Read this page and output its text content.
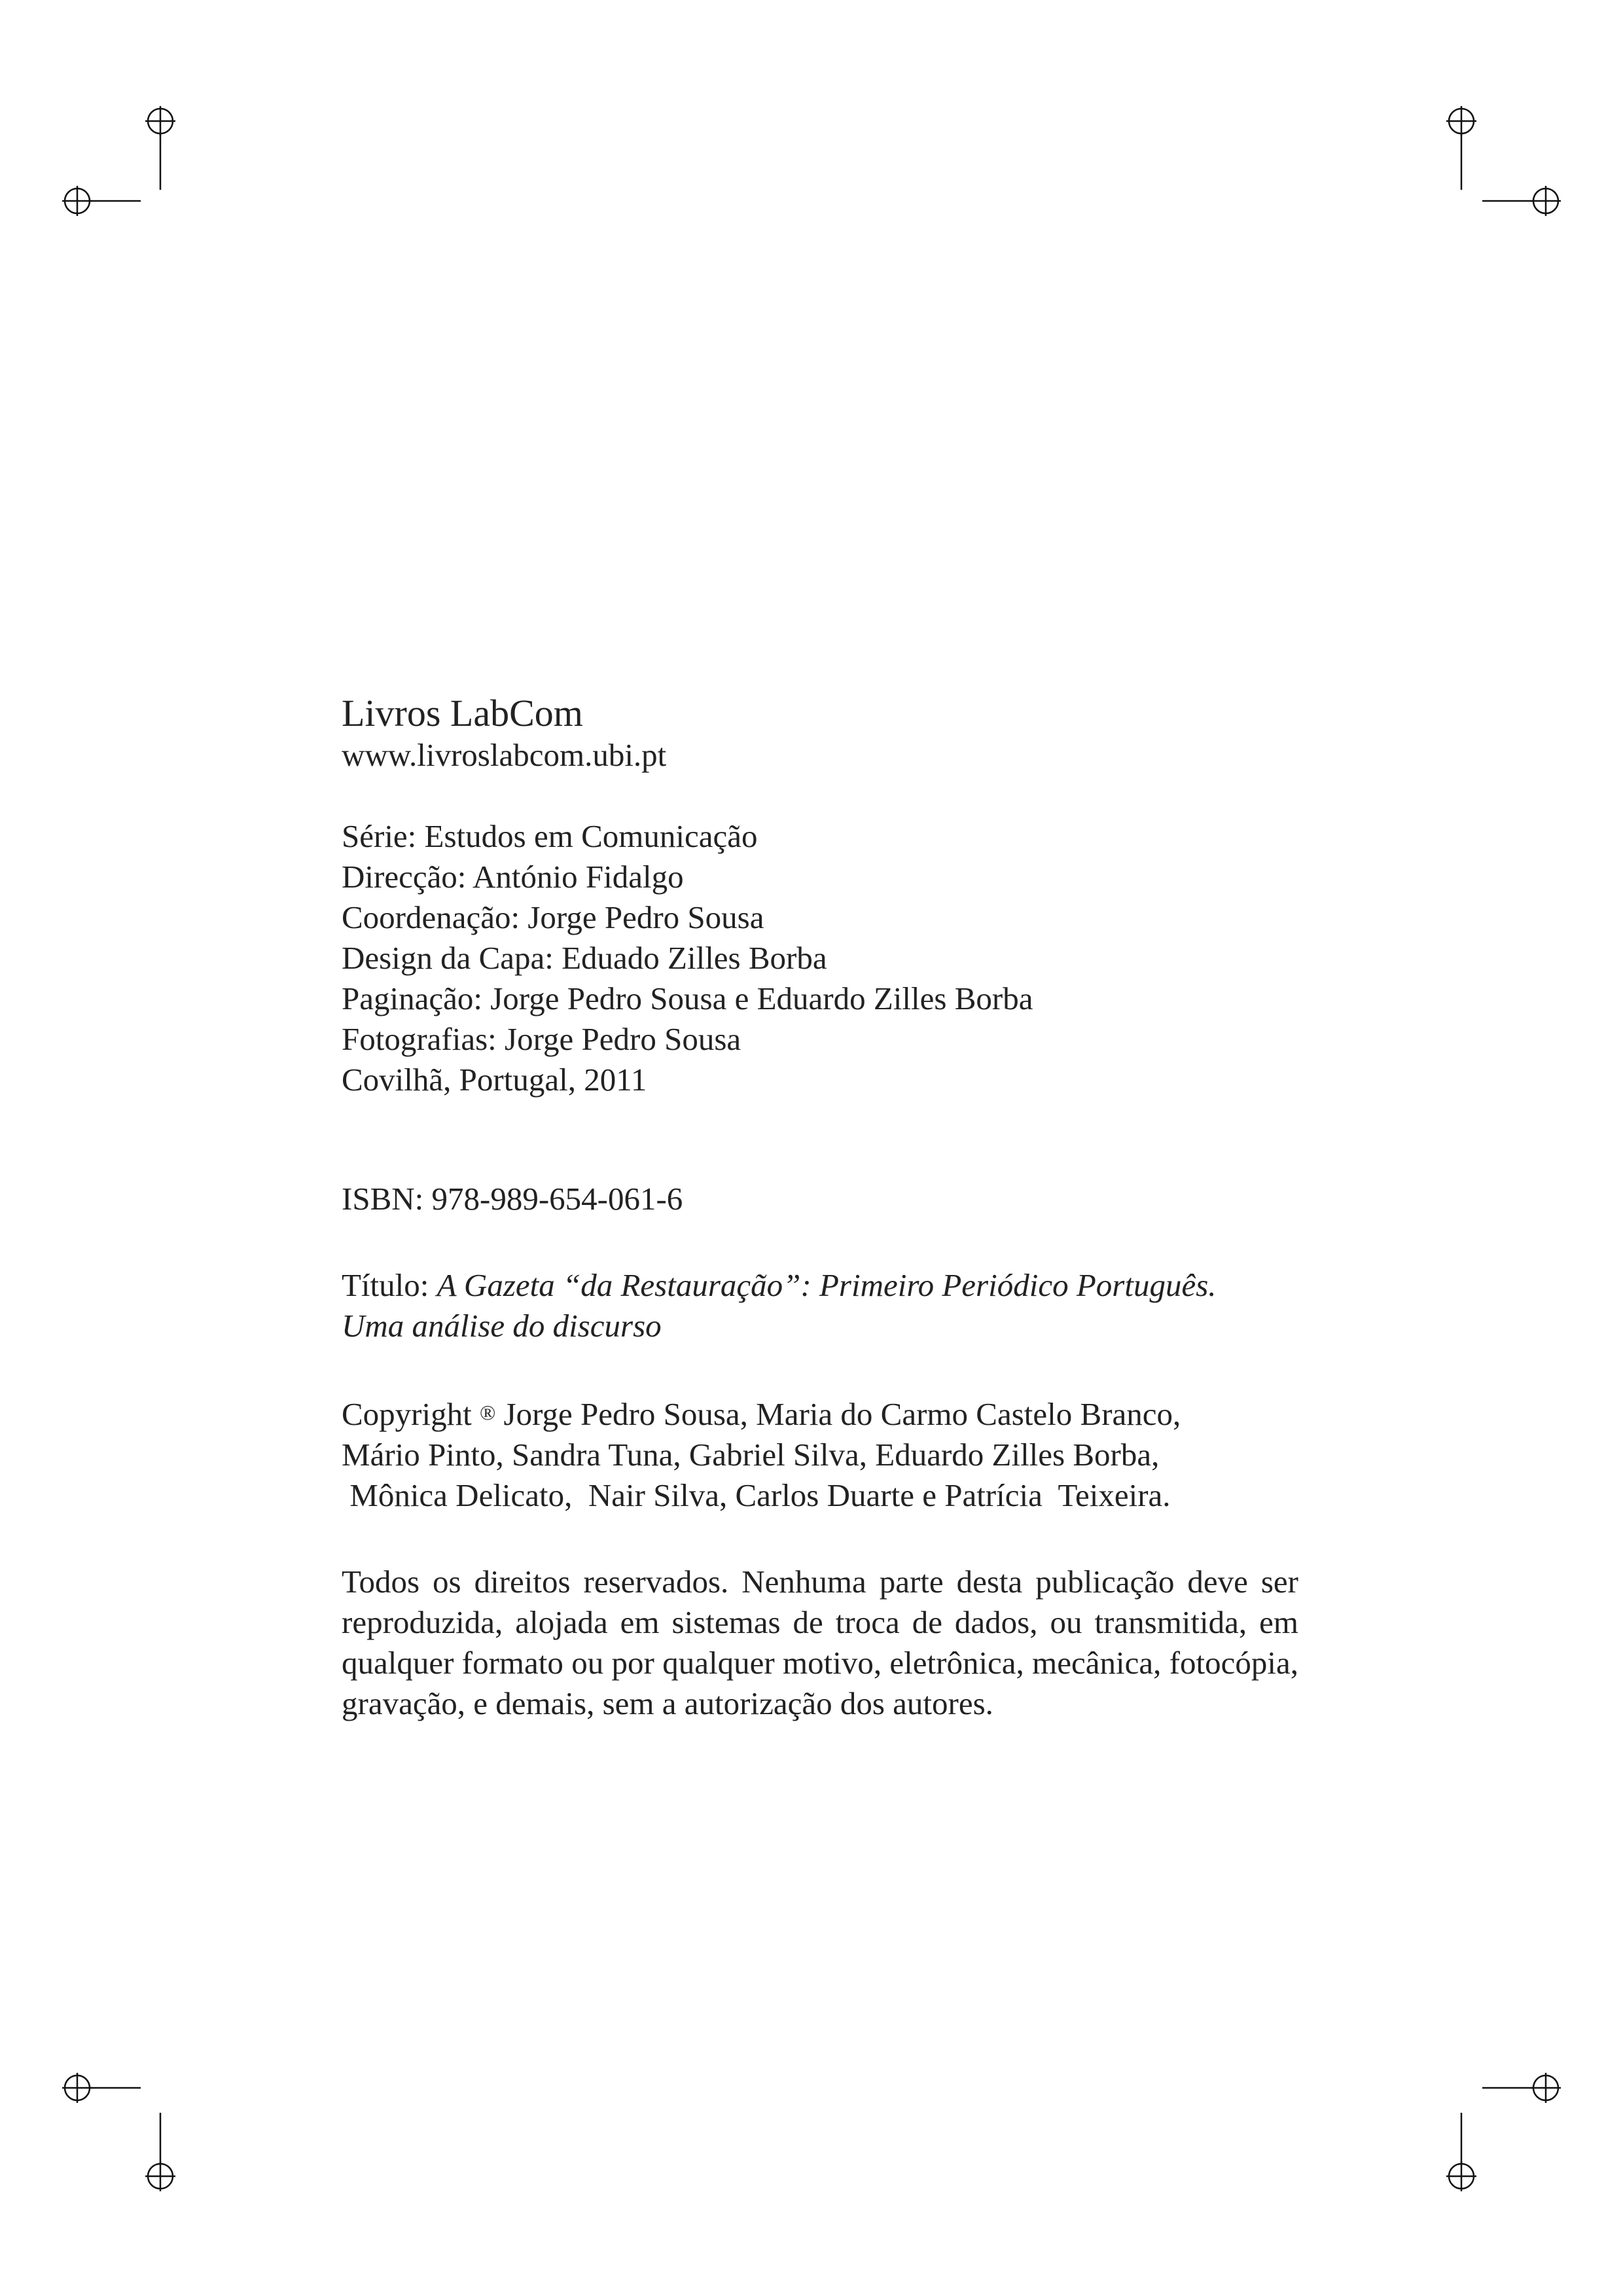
Livros LabCom
www.livroslabcom.ubi.pt
Série: Estudos em Comunicação
Direcção: António Fidalgo
Coordenação: Jorge Pedro Sousa
Design da Capa: Eduado Zilles Borba
Paginação: Jorge Pedro Sousa e Eduardo Zilles Borba
Fotografias: Jorge Pedro Sousa
Covilhã, Portugal, 2011
ISBN: 978-989-654-061-6
Título: A Gazeta “da Restauração”: Primeiro Periódico Português.
Uma análise do discurso
Copyright ® Jorge Pedro Sousa, Maria do Carmo Castelo Branco,
Mário Pinto, Sandra Tuna, Gabriel Silva, Eduardo Zilles Borba,
Mônica Delicato,  Nair Silva, Carlos Duarte e Patrícia  Teixeira.

Todos os direitos reservados. Nenhuma parte desta publicação deve ser reproduzida, alojada em sistemas de troca de dados, ou transmitida, em qualquer formato ou por qualquer motivo, eletrônica, mecânica, fotocópia, gravação, e demais, sem a autorização dos autores.
